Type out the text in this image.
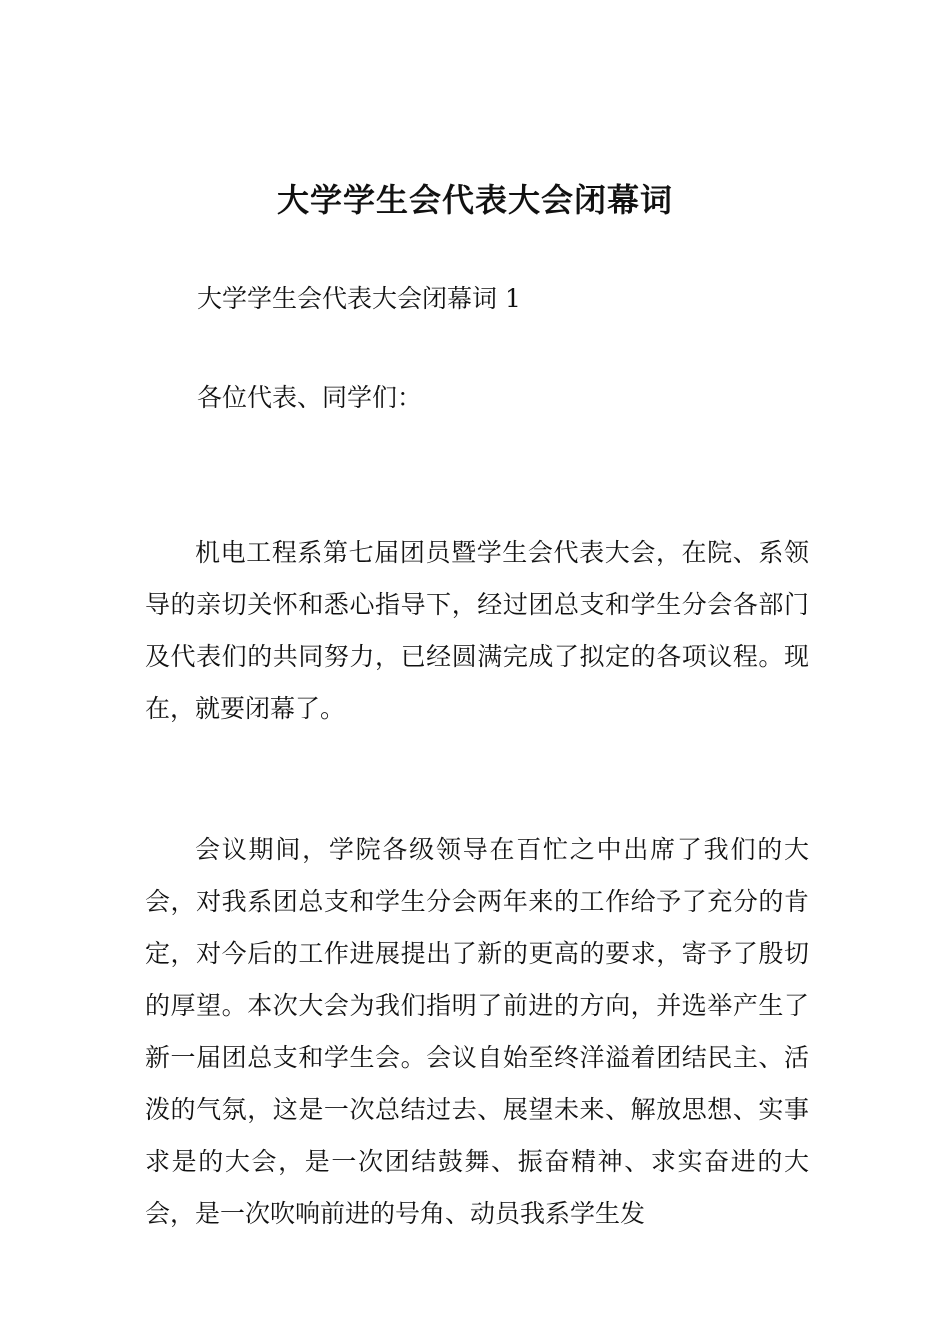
大学学生会代表大会闭幕词

大学学生会代表大会闭幕词 1

各位代表、同学们：

机电工程系第七届团员暨学生会代表大会，在院、系领导的亲切关怀和悉心指导下，经过团总支和学生分会各部门及代表们的共同努力，已经圆满完成了拟定的各项议程。现在，就要闭幕了。

会议期间，学院各级领导在百忙之中出席了我们的大会，对我系团总支和学生分会两年来的工作给予了充分的肯定，对今后的工作进展提出了新的更高的要求，寄予了殷切的厚望。本次大会为我们指明了前进的方向，并选举产生了新一届团总支和学生会。会议自始至终洋溢着团结民主、活泼的气氛，这是一次总结过去、展望未来、解放思想、实事求是的大会，是一次团结鼓舞、振奋精神、求实奋进的大会，是一次吹响前进的号角、动员我系学生发
